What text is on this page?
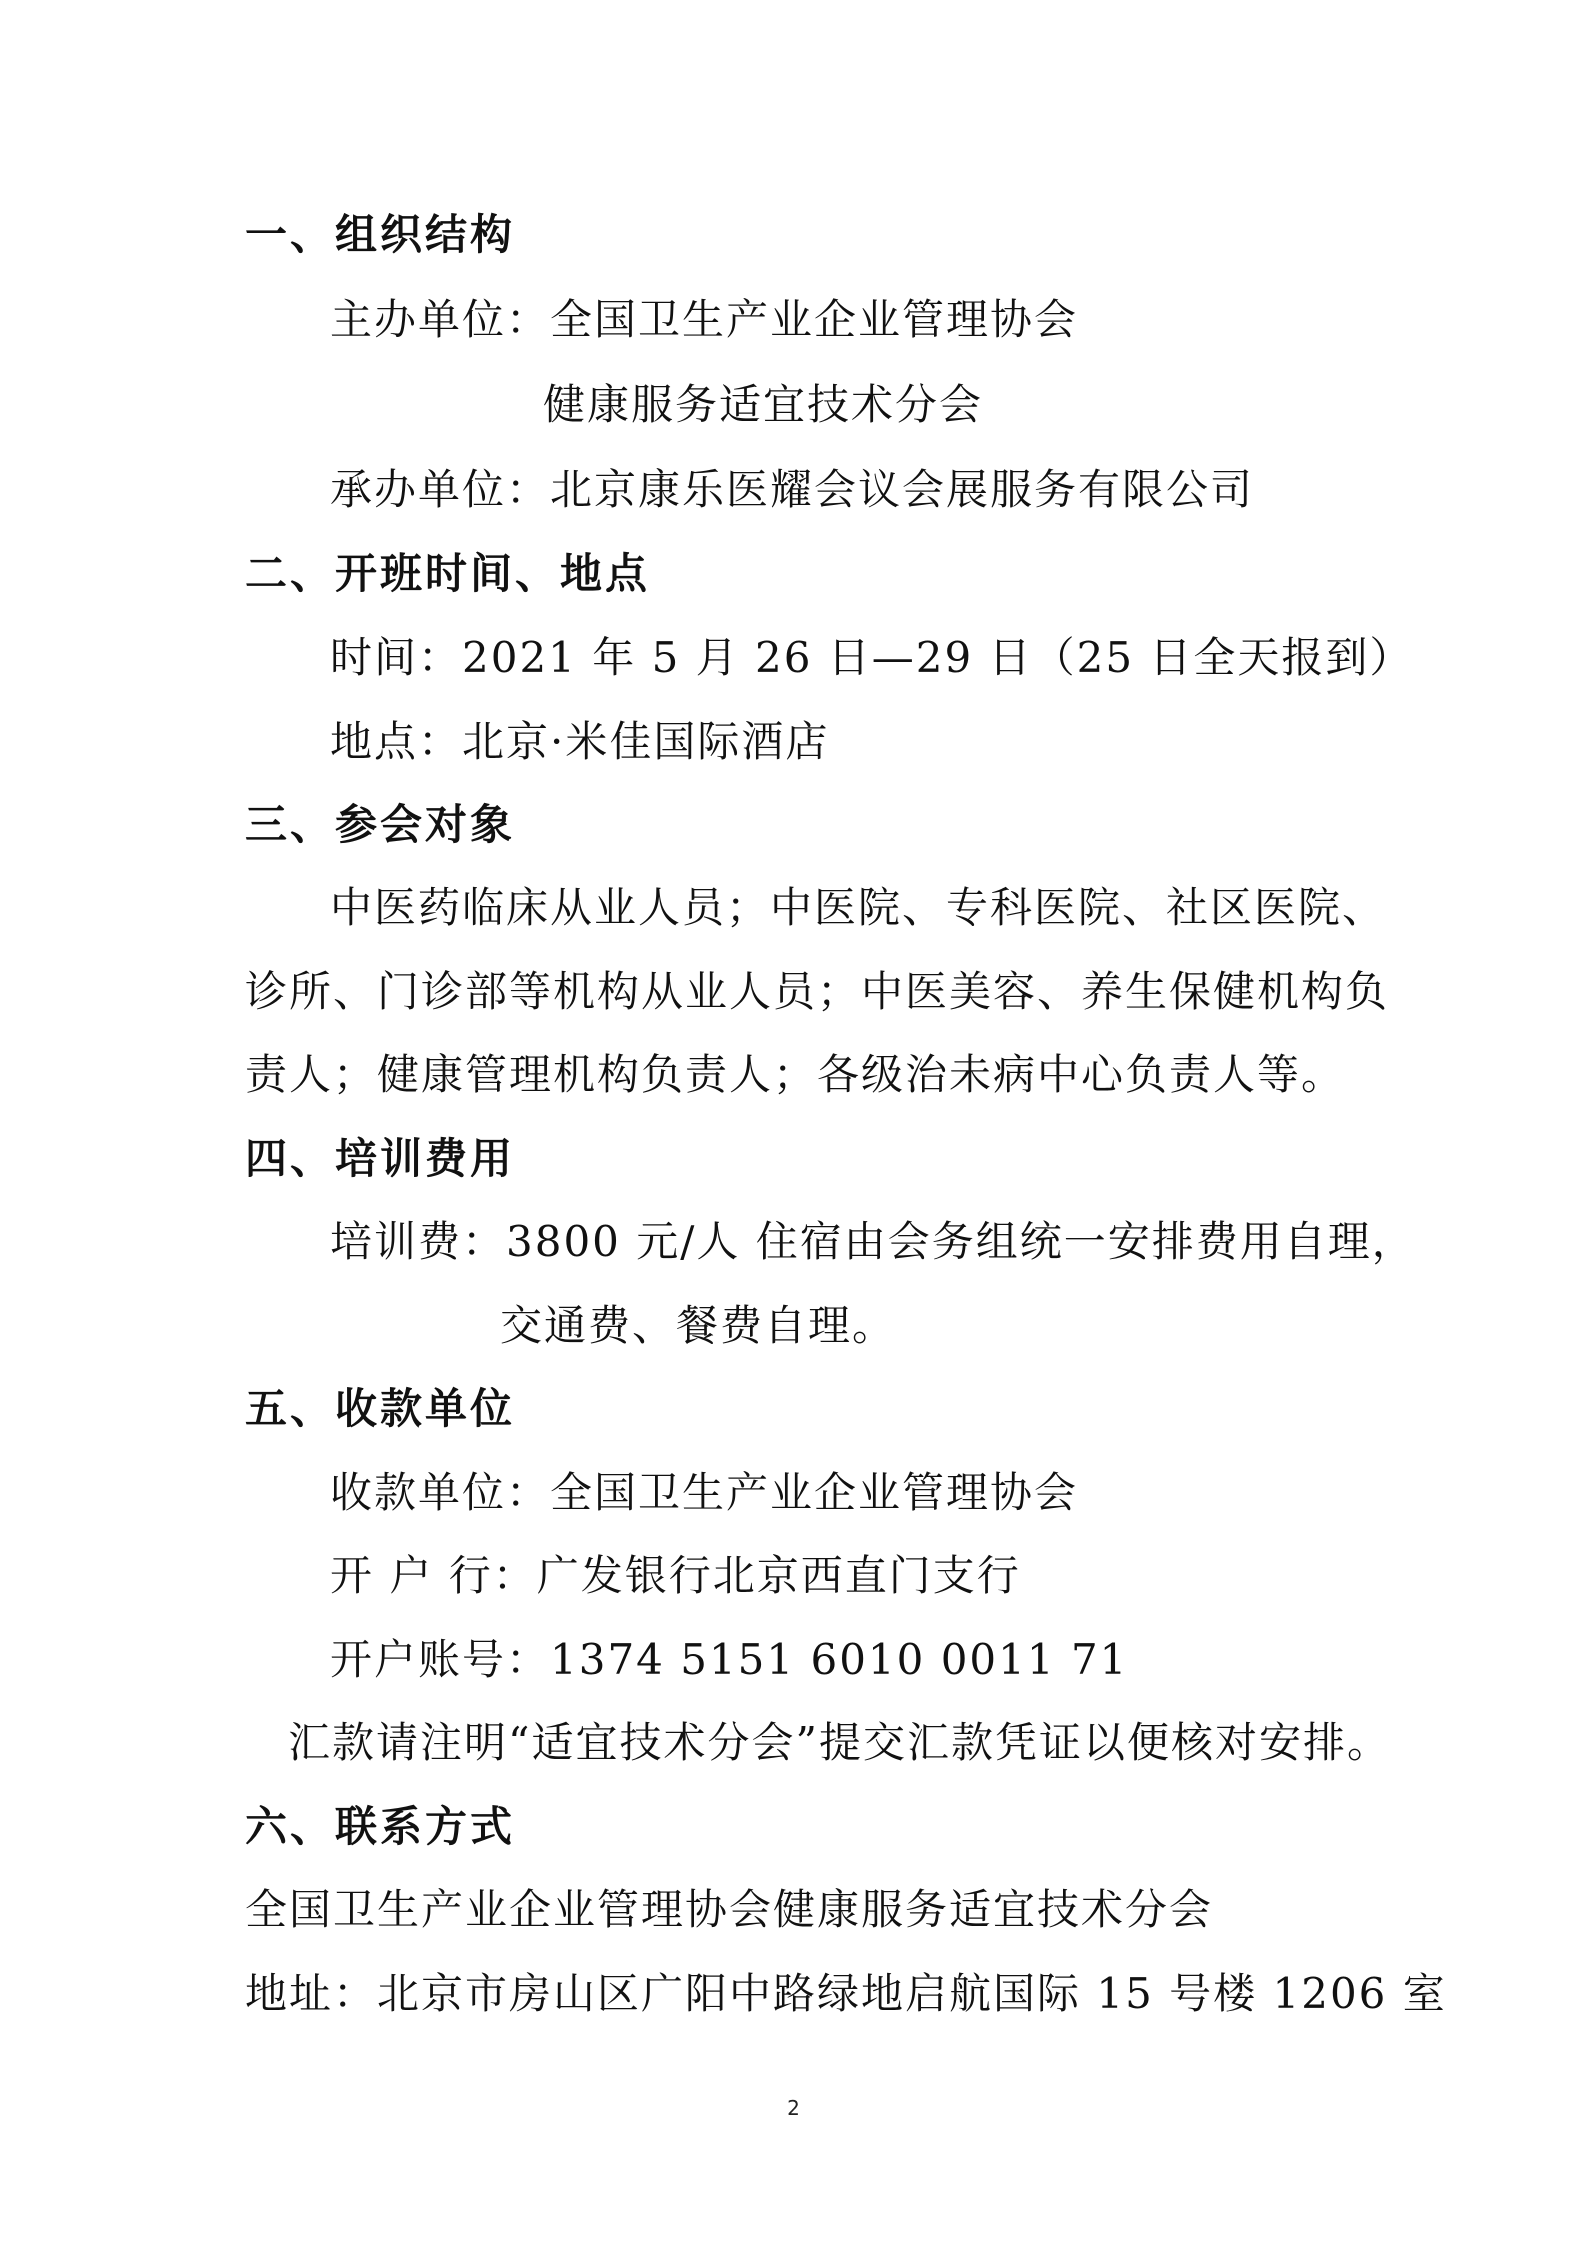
一、组织结构
主办单位：全国卫生产业企业管理协会
健康服务适宜技术分会
承办单位：北京康乐医耀会议会展服务有限公司
二、开班时间、地点
时间：2021 年 5 月 26 日—29 日（25 日全天报到）
地点：北京·米佳国际酒店
三、参会对象
中医药临床从业人员；中医院、专科医院、社区医院、
诊所、门诊部等机构从业人员；中医美容、养生保健机构负
责人；健康管理机构负责人；各级治未病中心负责人等。
四、培训费用
培训费：3800 元/人 住宿由会务组统一安排费用自理，
交通费、餐费自理。
五、收款单位
收款单位：全国卫生产业企业管理协会
开 户 行：广发银行北京西直门支行
开户账号：1374 5151 6010 0011 71
汇款请注明“适宜技术分会”提交汇款凭证以便核对安排。
六、联系方式
全国卫生产业企业管理协会健康服务适宜技术分会
地址：北京市房山区广阳中路绿地启航国际 15 号楼 1206 室
2
